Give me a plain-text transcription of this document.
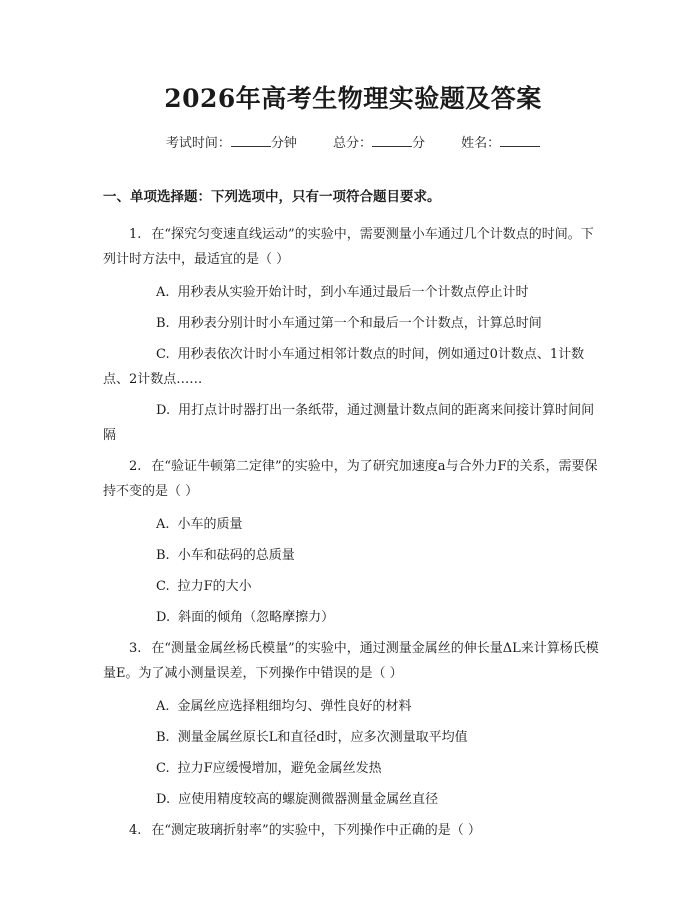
2026年高考生物理实验题及答案
考试时间：	分钟	总分：	分	姓名：
一、单项选择题：下列选项中，只有一项符合题目要求。

1. 在“探究匀变速直线运动”的实验中，需要测量小车通过几个计数点的时间。下列计时方法中，最适宜的是（ ）

A. 用秒表从实验开始计时，到小车通过最后一个计数点停止计时

B. 用秒表分别计时小车通过第一个和最后一个计数点，计算总时间

C. 用秒表依次计时小车通过相邻计数点的时间，例如通过0计数点、1计数点、2计数点……

D. 用打点计时器打出一条纸带，通过测量计数点间的距离来间接计算时间间隔

2. 在“验证牛顿第二定律”的实验中，为了研究加速度a与合外力F的关系，需要保持不变的是（ ）

A. 小车的质量

B. 小车和砝码的总质量

C. 拉力F的大小

D. 斜面的倾角（忽略摩擦力）

3. 在“测量金属丝杨氏模量”的实验中，通过测量金属丝的伸长量ΔL来计算杨氏模量E。为了减小测量误差，下列操作中错误的是（ ）

A. 金属丝应选择粗细均匀、弹性良好的材料

B. 测量金属丝原长L和直径d时，应多次测量取平均值

C. 拉力F应缓慢增加，避免金属丝发热

D. 应使用精度较高的螺旋测微器测量金属丝直径

4. 在“测定玻璃折射率”的实验中，下列操作中正确的是（ ）
